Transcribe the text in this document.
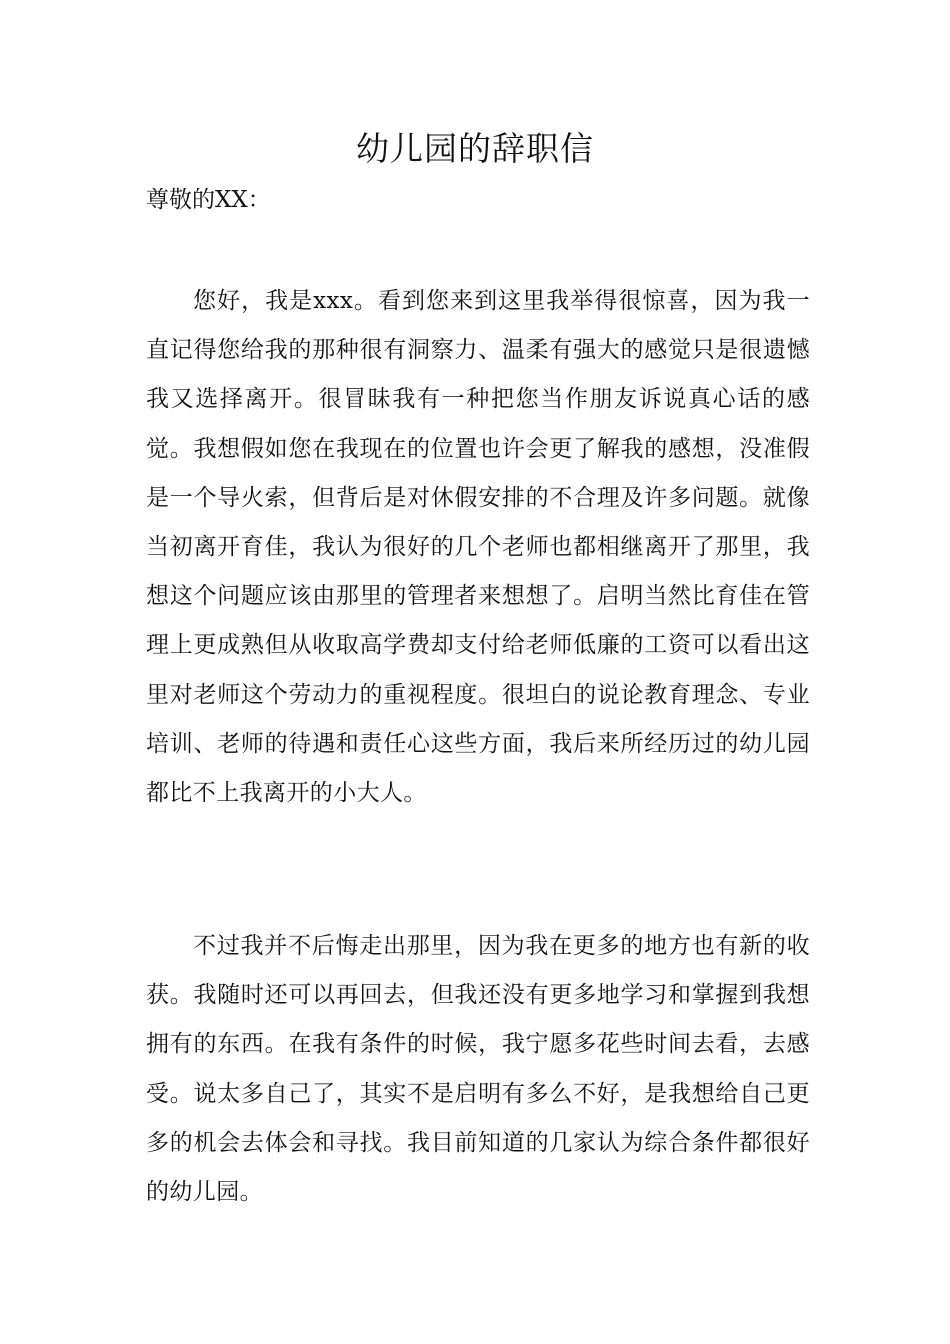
幼儿园的辞职信
尊敬的XX：

您好，我是xxx。看到您来到这里我举得很惊喜，因为我一直记得您给我的那种很有洞察力、温柔有强大的感觉只是很遗憾我又选择离开。很冒昧我有一种把您当作朋友诉说真心话的感觉。我想假如您在我现在的位置也许会更了解我的感想，没准假是一个导火索，但背后是对休假安排的不合理及许多问题。就像当初离开育佳，我认为很好的几个老师也都相继离开了那里，我想这个问题应该由那里的管理者来想想了。启明当然比育佳在管理上更成熟但从收取高学费却支付给老师低廉的工资可以看出这里对老师这个劳动力的重视程度。很坦白的说论教育理念、专业培训、老师的待遇和责任心这些方面，我后来所经历过的幼儿园都比不上我离开的小大人。

不过我并不后悔走出那里，因为我在更多的地方也有新的收获。我随时还可以再回去，但我还没有更多地学习和掌握到我想拥有的东西。在我有条件的时候，我宁愿多花些时间去看，去感受。说太多自己了，其实不是启明有多么不好，是我想给自己更多的机会去体会和寻找。我目前知道的几家认为综合条件都很好的幼儿园。
